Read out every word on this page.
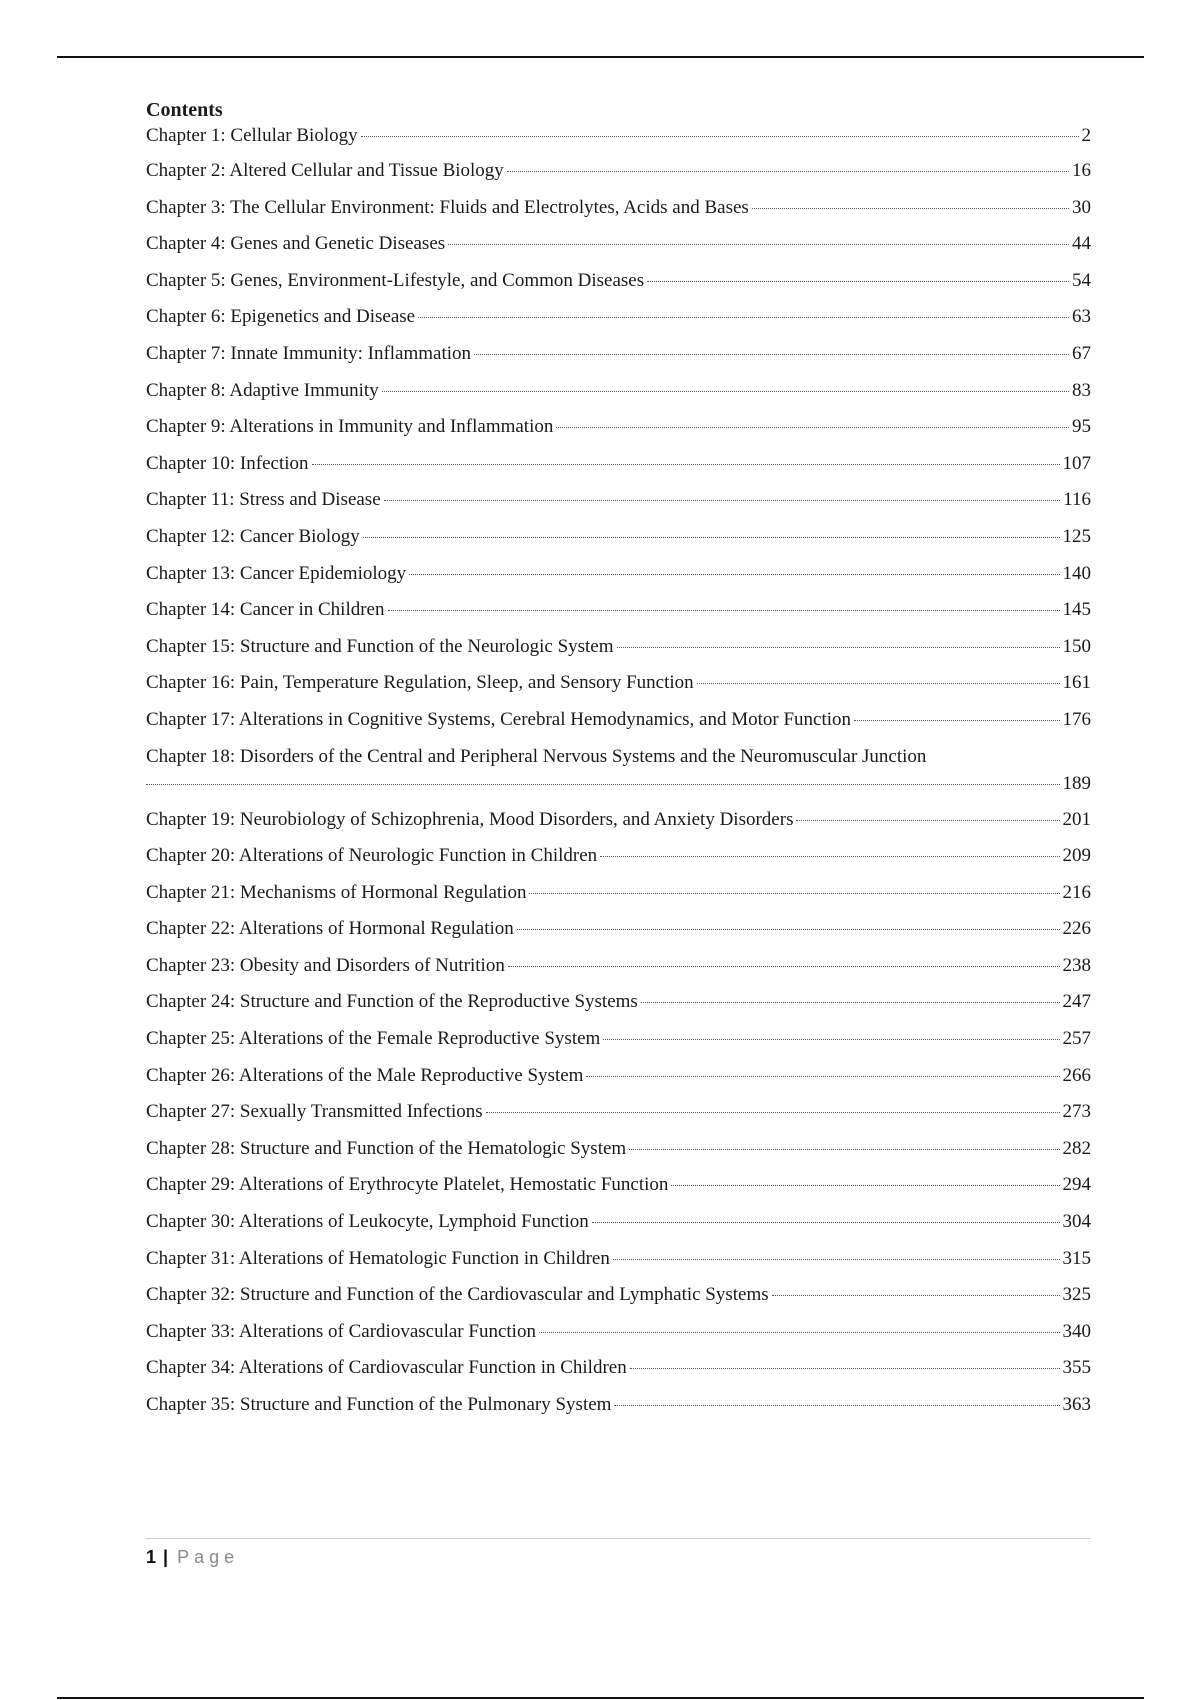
Contents
Chapter 1: Cellular Biology	2
Chapter 2: Altered Cellular and Tissue Biology	16
Chapter 3: The Cellular Environment: Fluids and Electrolytes, Acids and Bases	30
Chapter 4: Genes and Genetic Diseases	44
Chapter 5: Genes, Environment-Lifestyle, and Common Diseases	54
Chapter 6: Epigenetics and Disease	63
Chapter 7: Innate Immunity: Inflammation	67
Chapter 8: Adaptive Immunity	83
Chapter 9: Alterations in Immunity and Inflammation	95
Chapter 10: Infection	107
Chapter 11: Stress and Disease	116
Chapter 12: Cancer Biology	125
Chapter 13: Cancer Epidemiology	140
Chapter 14: Cancer in Children	145
Chapter 15: Structure and Function of the Neurologic System	150
Chapter 16: Pain, Temperature Regulation, Sleep, and Sensory Function	161
Chapter 17: Alterations in Cognitive Systems, Cerebral Hemodynamics, and Motor Function	176
Chapter 18: Disorders of the Central and Peripheral Nervous Systems and the Neuromuscular Junction
189
Chapter 19: Neurobiology of Schizophrenia, Mood Disorders, and Anxiety Disorders	201
Chapter 20: Alterations of Neurologic Function in Children	209
Chapter 21: Mechanisms of Hormonal Regulation	216
Chapter 22: Alterations of Hormonal Regulation	226
Chapter 23: Obesity and Disorders of Nutrition	238
Chapter 24: Structure and Function of the Reproductive Systems	247
Chapter 25: Alterations of the Female Reproductive System	257
Chapter 26: Alterations of the Male Reproductive System	266
Chapter 27: Sexually Transmitted Infections	273
Chapter 28: Structure and Function of the Hematologic System	282
Chapter 29: Alterations of Erythrocyte Platelet, Hemostatic Function	294
Chapter 30: Alterations of Leukocyte, Lymphoid Function	304
Chapter 31: Alterations of Hematologic Function in Children	315
Chapter 32: Structure and Function of the Cardiovascular and Lymphatic Systems	325
Chapter 33: Alterations of Cardiovascular Function	340
Chapter 34: Alterations of Cardiovascular Function in Children	355
Chapter 35: Structure and Function of the Pulmonary System	363
1 | Page
